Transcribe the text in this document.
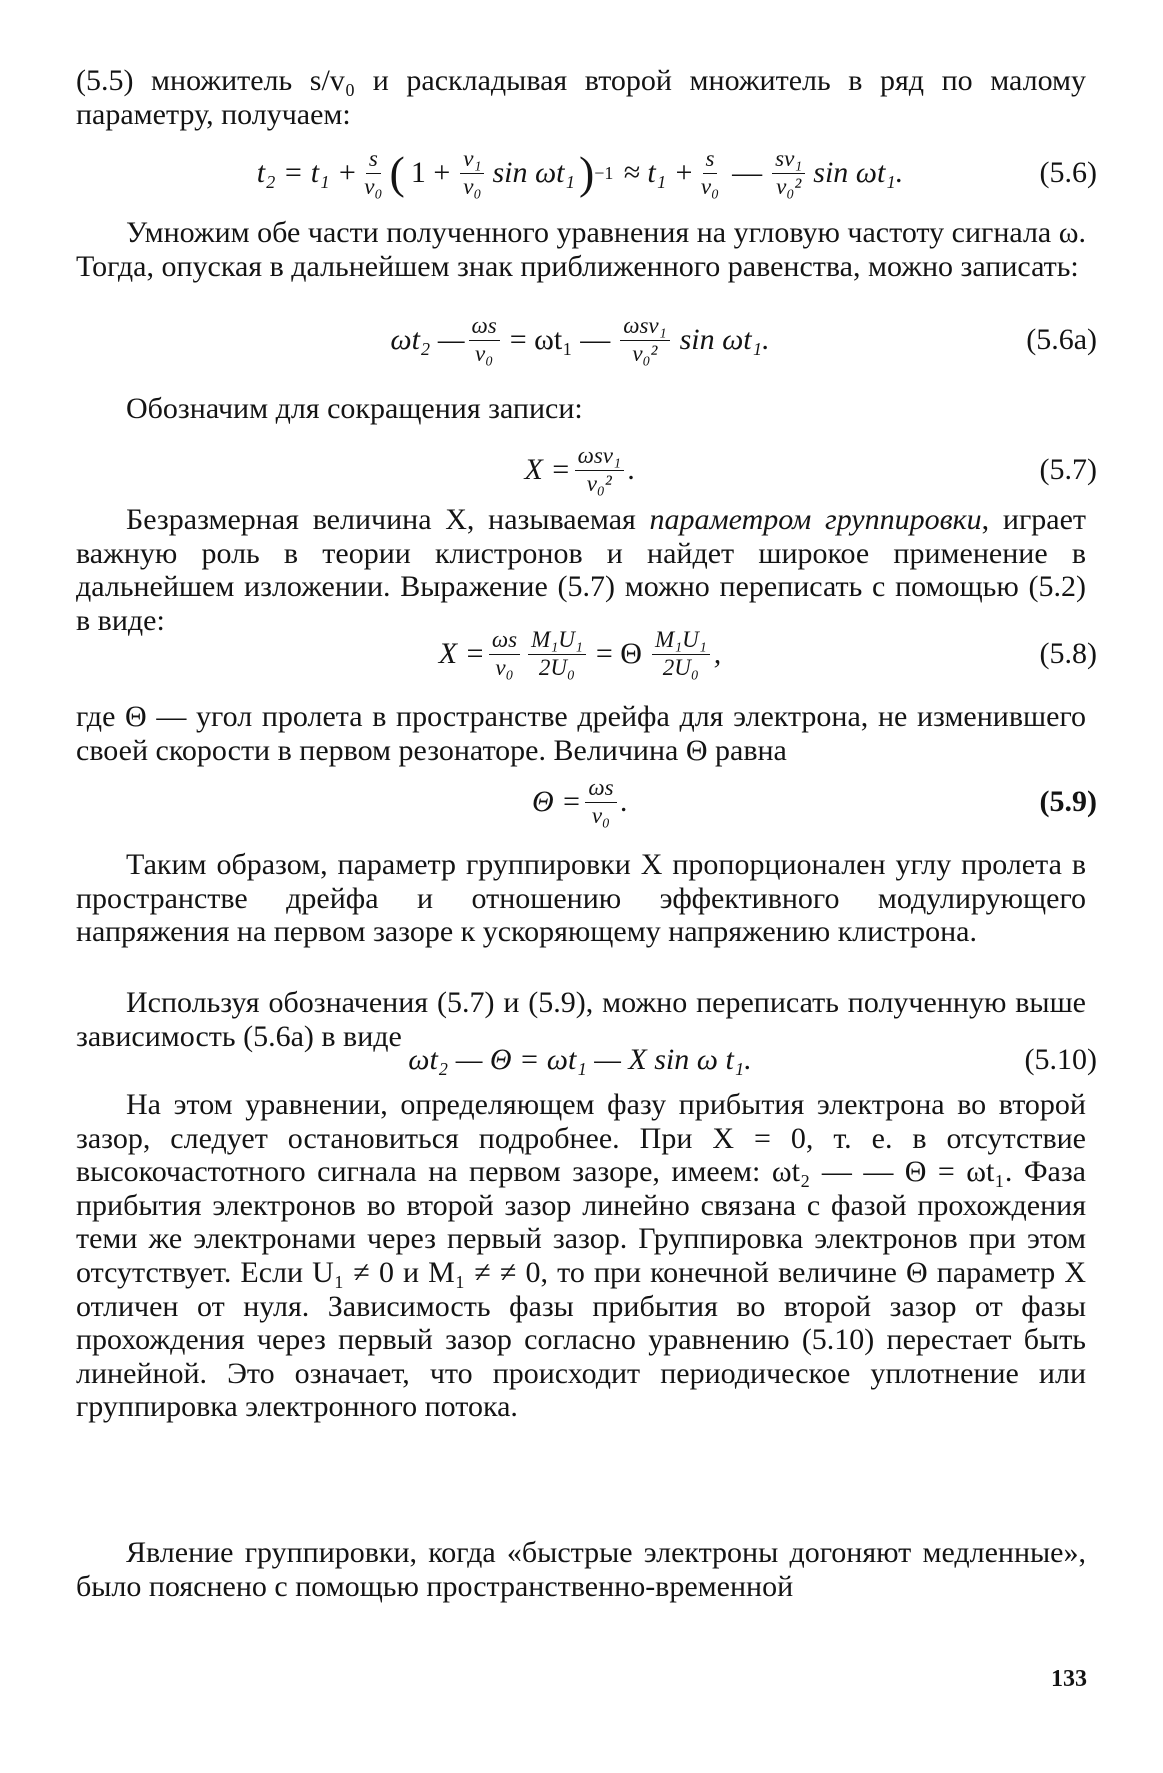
(5.5) множитель s/v₀ и раскладывая второй множитель в ряд по малому параметру, получаем:

$t_2 = t_1 + \frac{s}{\text{v₀}}$ ( $1 + \frac{\text{v₁}}{\text{v₀}}$ sin ωt₁ ) $-1 \approx t_1 + \frac{s}{\text{v₀}}$ — $\frac{\text{sv₁}}{\text{v₀²}}$ sin ωt₁.	(5.6)

Умножим обе части полученного уравнения на угловую частоту сигнала ω. Тогда, опуская в дальнейшем знак приближенного равенства, можно записать:

ωt₂ — $\frac{\omega s}{\text{v₀}} = \omega t_1$ — $\frac{\text{ωsv₁}}{\text{v₀²}}$ sin ωt₁.	(5.6а)

Обозначим для сокращения записи:

$X = \frac{\text{ωsv₁}}{\text{v₀²}}$ .	(5.7)

Безразмерная величина X, называемая параметром группировки, играет важную роль в теории клистронов и найдет широкое применение в дальнейшем изложении. Выражение (5.7) можно переписать с помощью (5.2) в виде:

$X = \frac{\omega s}{\text{v₀}} \frac{\text{M₁U₁}}{\text{2U₀}} = \Theta \frac{\text{M₁U₁}}{\text{2U₀}}$ ,	(5.8)

где Θ — угол пролета в пространстве дрейфа для электрона, не изменившего своей скорости в первом резонаторе. Величина Θ равна

$\Theta = \frac{\omega s}{\text{v₀}}$ .	(5.9)

Таким образом, параметр группировки X пропорционален углу пролета в пространстве дрейфа и отношению эффективного модулирующего напряжения на первом зазоре к ускоряющему напряжению клистрона.

Используя обозначения (5.7) и (5.9), можно переписать полученную выше зависимость (5.6а) в виде

ωt₂ — Θ = ωt₁ — X sin ω t₁.	(5.10)

На этом уравнении, определяющем фазу прибытия электрона во второй зазор, следует остановиться подробнее. При X = 0, т. е. в отсутствие высокочастотного сигнала на первом зазоре, имеем: ωt₂ — — Θ = ωt₁. Фаза прибытия электронов во второй зазор линейно связана с фазой прохождения теми же электронами через первый зазор. Группировка электронов при этом отсутствует. Если U₁ ≠ 0 и M₁ ≠ ≠ 0, то при конечной величине Θ параметр X отличен от нуля. Зависимость фазы прибытия во второй зазор от фазы прохождения через первый зазор согласно уравнению (5.10) перестает быть линейной. Это означает, что происходит периодическое уплотнение или группировка электронного потока.

Явление группировки, когда «быстрые электроны догоняют медленные», было пояснено с помощью пространственно-временной

133
